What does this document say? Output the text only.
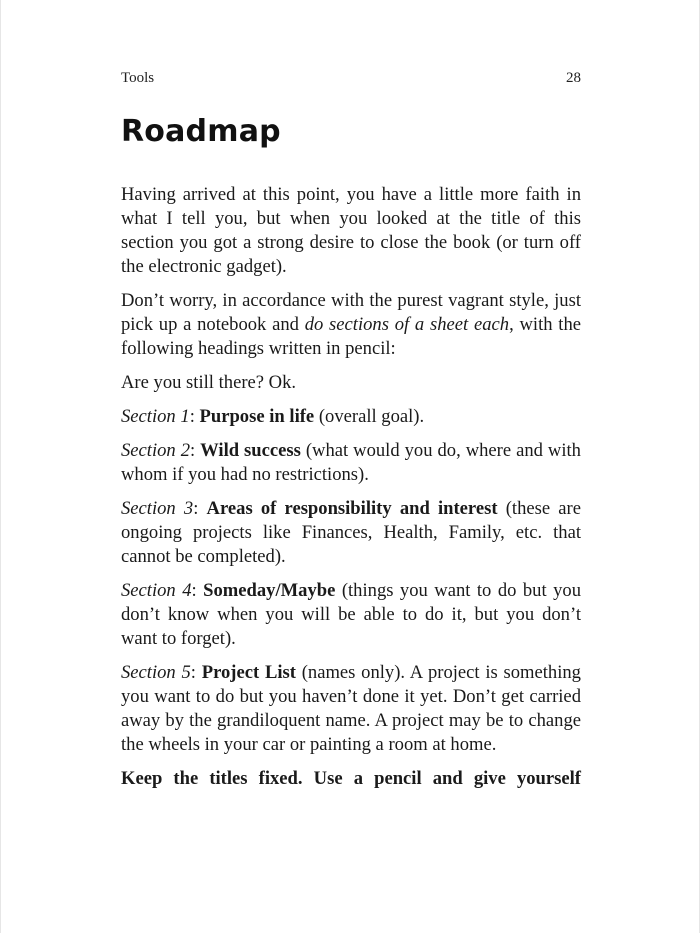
Tools	28
Roadmap

Having arrived at this point, you have a little more faith in what I tell you, but when you looked at the title of this section you got a strong desire to close the book (or turn off the electronic gadget).

Don’t worry, in accordance with the purest vagrant style, just pick up a notebook and do sections of a sheet each, with the following headings written in pencil:

Are you still there? Ok.

Section 1: Purpose in life (overall goal).

Section 2: Wild success (what would you do, where and with whom if you had no restrictions).

Section 3: Areas of responsibility and interest (these are ongoing projects like Finances, Health, Family, etc. that cannot be completed).

Section 4: Someday/Maybe (things you want to do but you don’t know when you will be able to do it, but you don’t want to forget).

Section 5: Project List (names only). A project is something you want to do but you haven’t done it yet. Don’t get carried away by the grandiloquent name. A project may be to change the wheels in your car or painting a room at home.

Keep the titles fixed. Use a pencil and give yourself
